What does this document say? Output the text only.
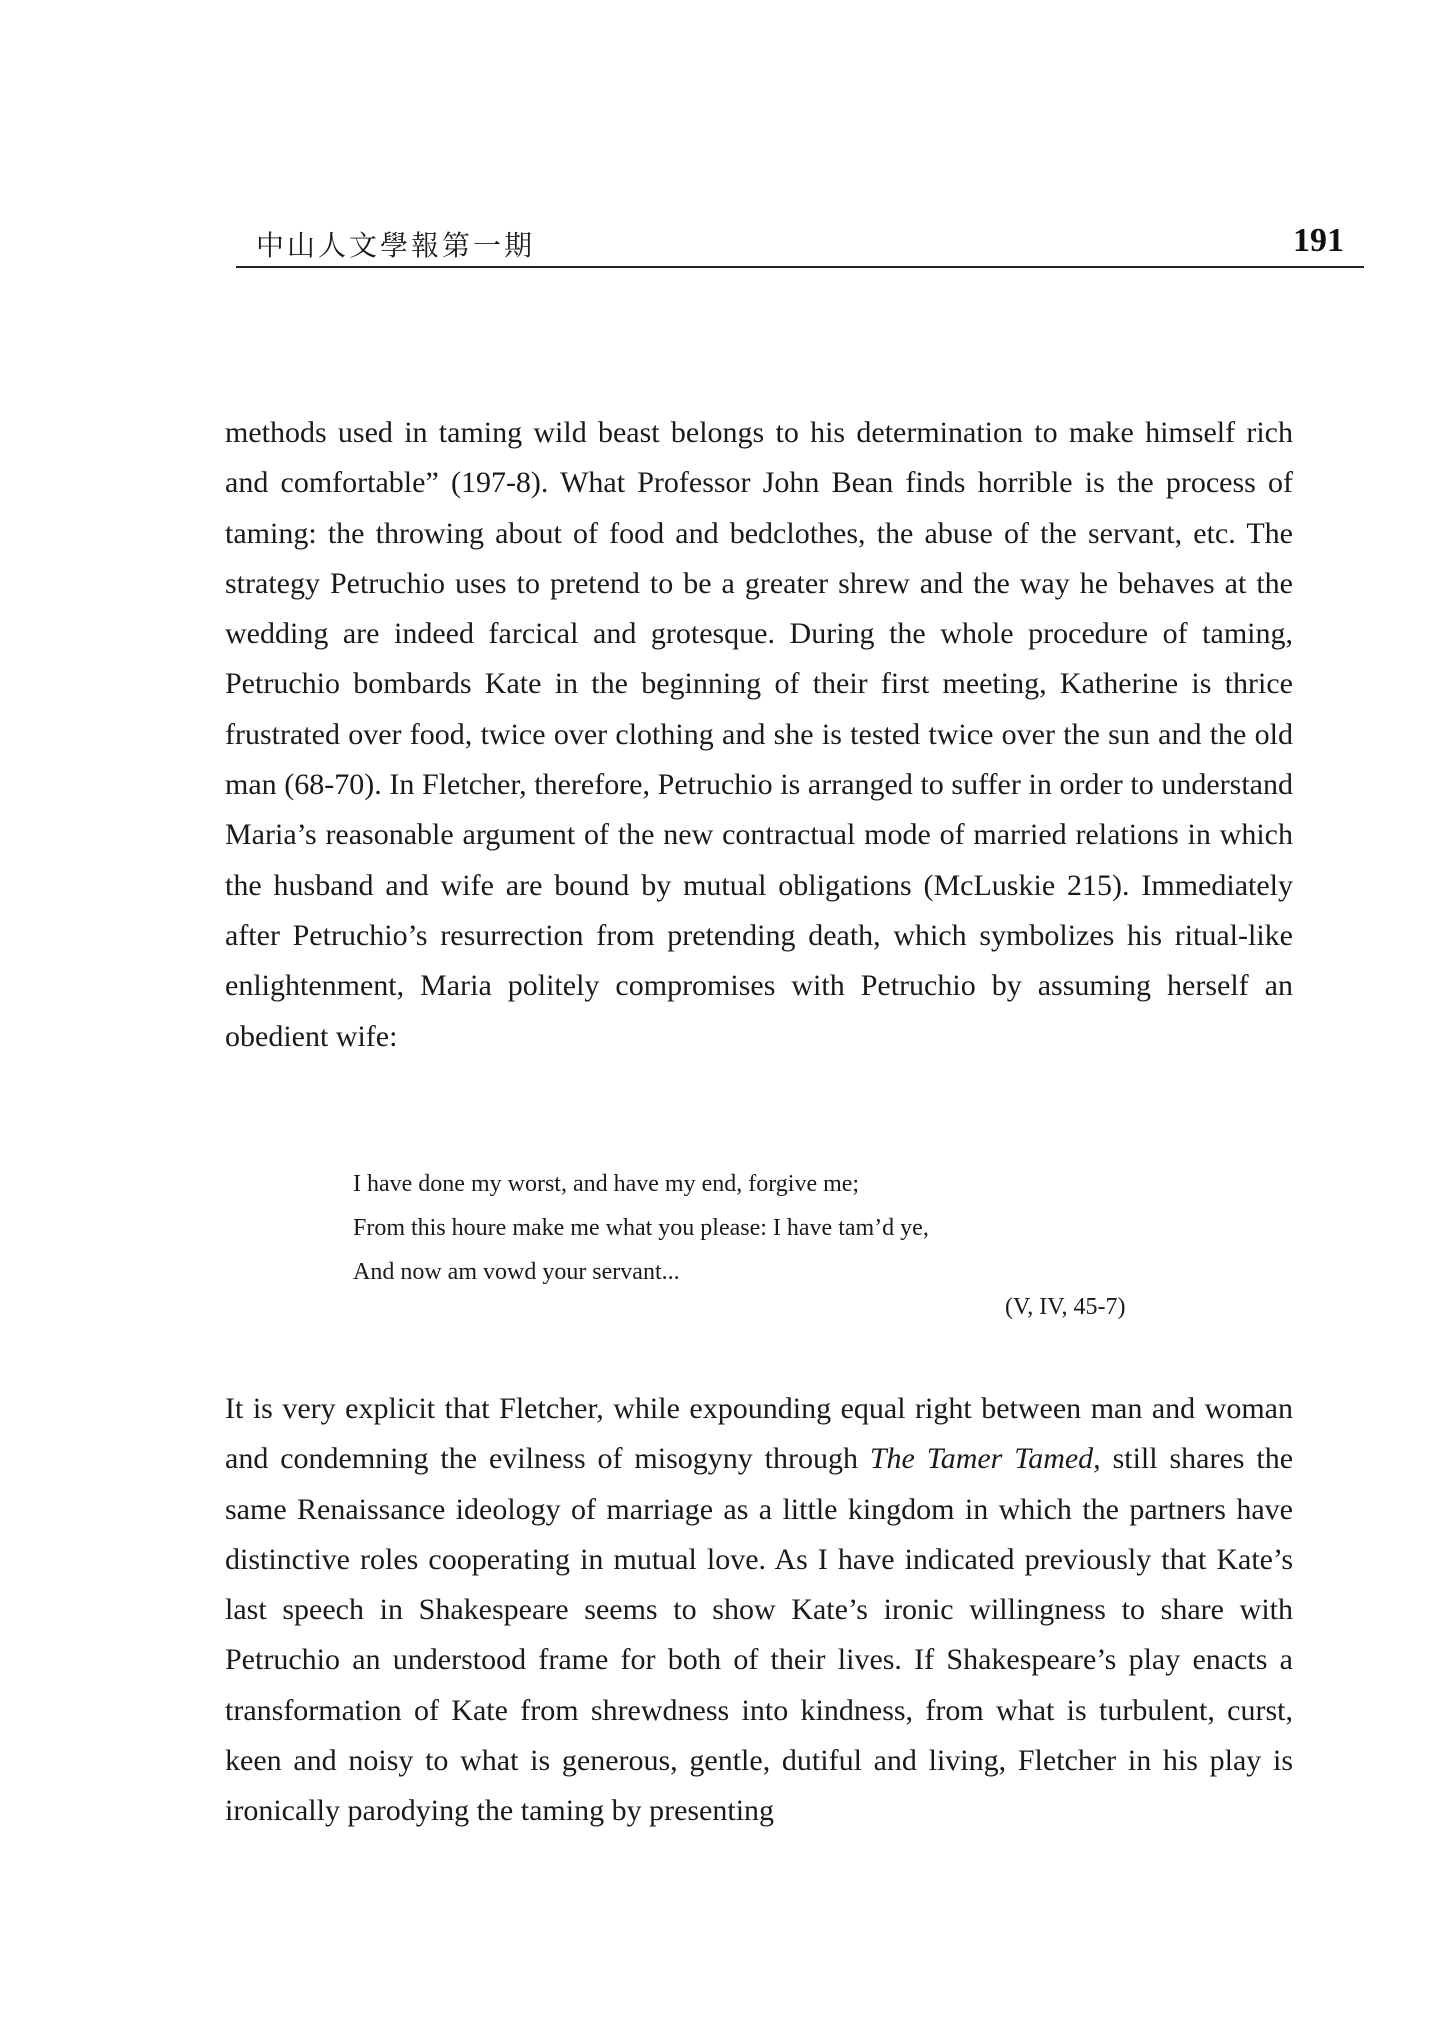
中山人文學報第一期	191

methods used in taming wild beast belongs to his determination to make himself rich and comfortable” (197-8). What Professor John Bean finds horrible is the process of taming: the throwing about of food and bedclothes, the abuse of the servant, etc. The strategy Petruchio uses to pretend to be a greater shrew and the way he behaves at the wedding are indeed farcical and grotesque. During the whole procedure of taming, Petruchio bombards Kate in the beginning of their first meeting, Katherine is thrice frustrated over food, twice over clothing and she is tested twice over the sun and the old man (68-70). In Fletcher, therefore, Petruchio is arranged to suffer in order to understand Maria’s reasonable argument of the new contractual mode of married relations in which the husband and wife are bound by mutual obligations (McLuskie 215). Immediately after Petruchio’s resurrection from pretending death, which symbolizes his ritual-like enlightenment, Maria politely compromises with Petruchio by assuming herself an obedient wife:

I have done my worst, and have my end, forgive me;
From this houre make me what you please: I have tam’d ye,
And now am vowd your servant...
(V, IV, 45-7)

It is very explicit that Fletcher, while expounding equal right between man and woman and condemning the evilness of misogyny through The Tamer Tamed, still shares the same Renaissance ideology of marriage as a little kingdom in which the partners have distinctive roles cooperating in mutual love. As I have indicated previously that Kate’s last speech in Shakespeare seems to show Kate’s ironic willingness to share with Petruchio an understood frame for both of their lives. If Shakespeare’s play enacts a transformation of Kate from shrewdness into kindness, from what is turbulent, curst, keen and noisy to what is generous, gentle, dutiful and living, Fletcher in his play is ironically parodying the taming by presenting
